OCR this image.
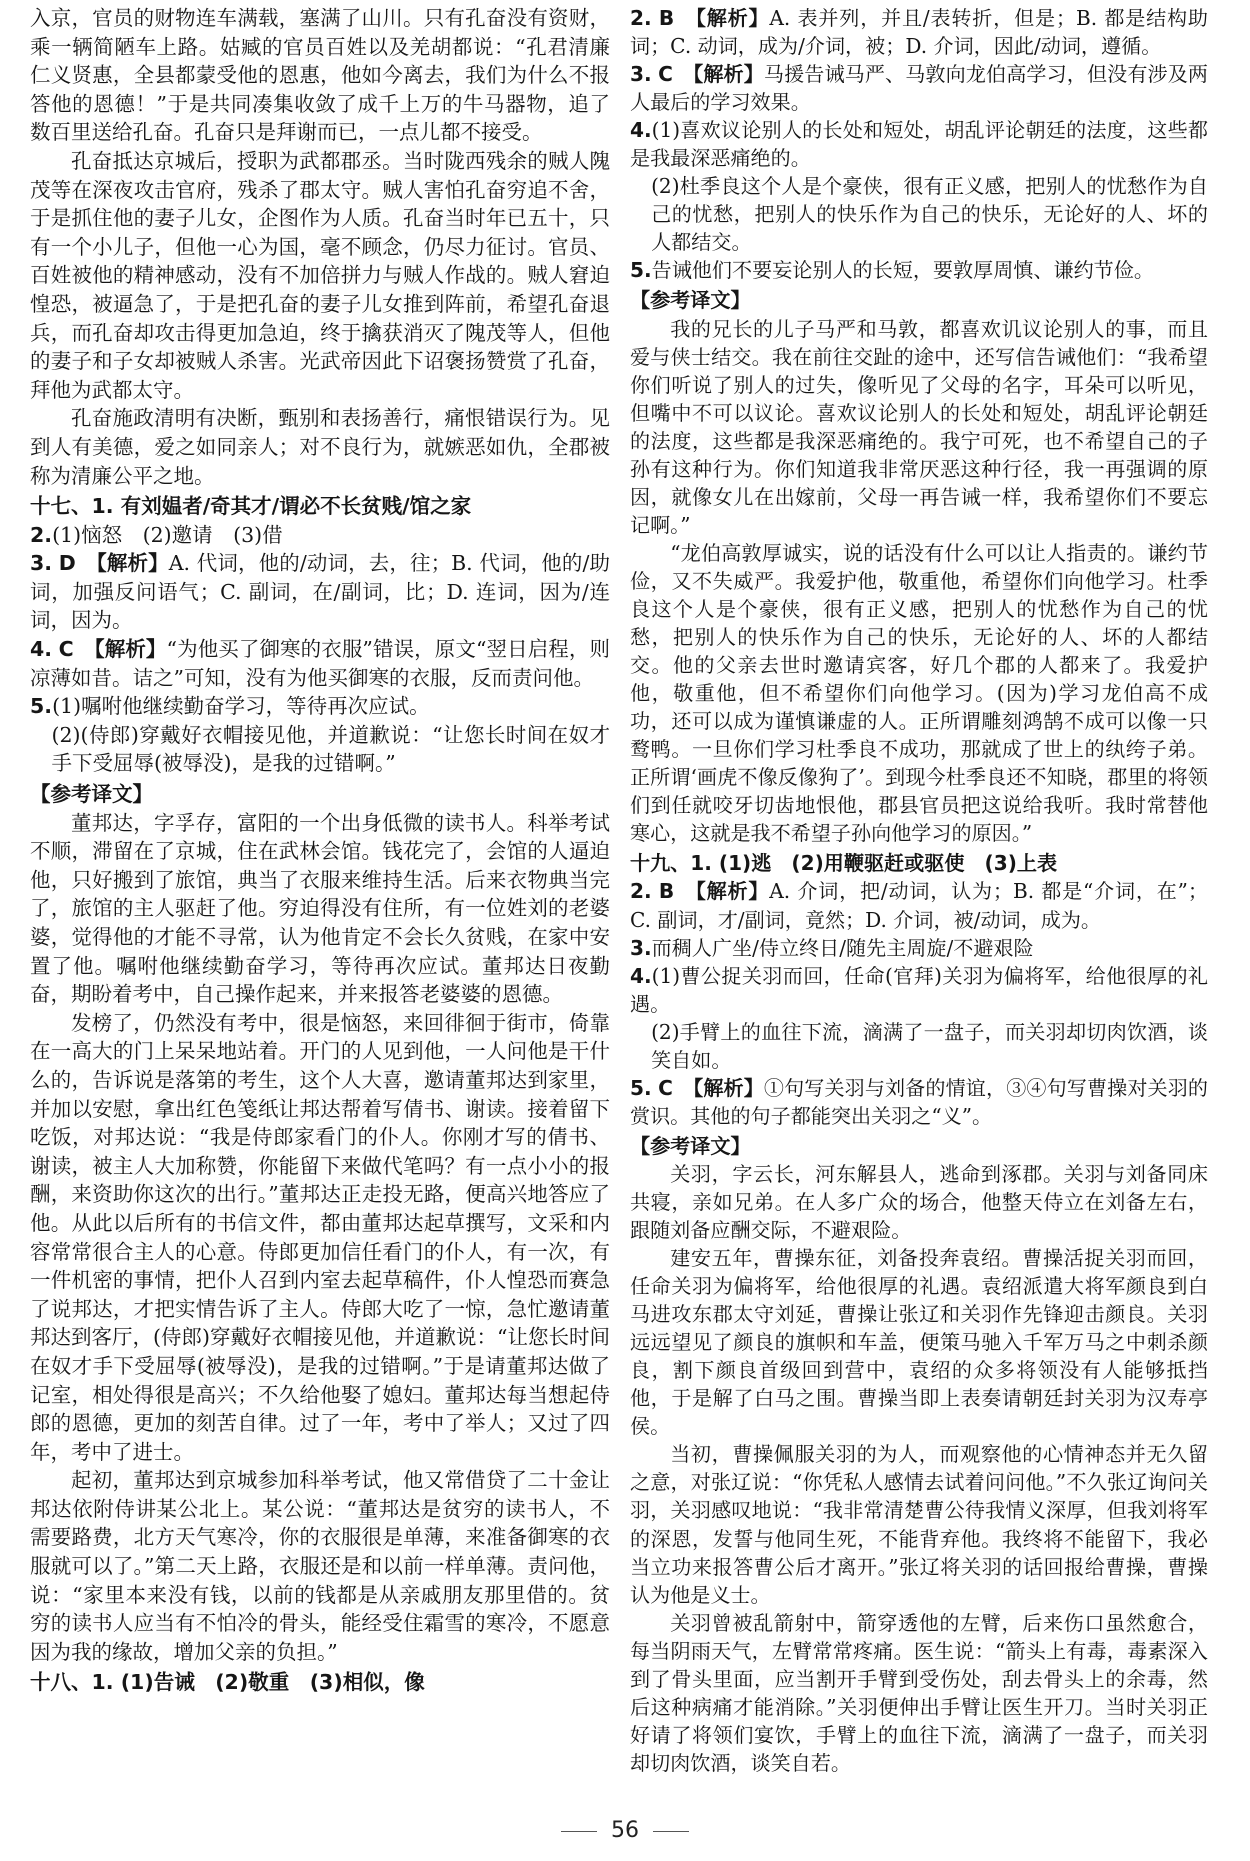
入京，官员的财物连车满载，塞满了山川。只有孔奋没有资财，乘一辆简陋车上路。姑臧的官员百姓以及羌胡都说：“孔君清廉仁义贤惠，全县都蒙受他的恩惠，他如今离去，我们为什么不报答他的恩德！”于是共同凑集收敛了成千上万的牛马器物，追了数百里送给孔奋。孔奋只是拜谢而已，一点儿都不接受。

孔奋抵达京城后，授职为武都郡丞。当时陇西残余的贼人隗茂等在深夜攻击官府，残杀了郡太守。贼人害怕孔奋穷追不舍，于是抓住他的妻子儿女，企图作为人质。孔奋当时年已五十，只有一个小儿子，但他一心为国，毫不顾念，仍尽力征讨。官员、百姓被他的精神感动，没有不加倍拼力与贼人作战的。贼人窘迫惶恐，被逼急了，于是把孔奋的妻子儿女推到阵前，希望孔奋退兵，而孔奋却攻击得更加急迫，终于擒获消灭了隗茂等人，但他的妻子和子女却被贼人杀害。光武帝因此下诏褒扬赞赏了孔奋，拜他为武都太守。

孔奋施政清明有决断，甄别和表扬善行，痛恨错误行为。见到人有美德，爱之如同亲人；对不良行为，就嫉恶如仇，全郡被称为清廉公平之地。

十七、1. 有刘媪者/奇其才/谓必不长贫贱/馆之家

2.(1)恼怒　(2)邀请　(3)借

3. D　 【解析】A. 代词，他的/动词，去，往；B. 代词，他的/助词，加强反问语气；C. 副词，在/副词，比；D. 连词，因为/连词，因为。

4. C　 【解析】“为他买了御寒的衣服”错误，原文“翌日启程，则凉薄如昔。诘之”可知，没有为他买御寒的衣服，反而责问他。

5.(1)嘱咐他继续勤奋学习，等待再次应试。

(2)(侍郎)穿戴好衣帽接见他，并道歉说：“让您长时间在奴才手下受屈辱(被辱没)，是我的过错啊。”

【参考译文】

董邦达，字孚存，富阳的一个出身低微的读书人。科举考试不顺，滞留在了京城，住在武林会馆。钱花完了，会馆的人逼迫他，只好搬到了旅馆，典当了衣服来维持生活。后来衣物典当完了，旅馆的主人驱赶了他。穷迫得没有住所，有一位姓刘的老婆婆，觉得他的才能不寻常，认为他肯定不会长久贫贱，在家中安置了他。嘱咐他继续勤奋学习，等待再次应试。董邦达日夜勤奋，期盼着考中，自己操作起来，并来报答老婆婆的恩德。

发榜了，仍然没有考中，很是恼怒，来回徘徊于街市，倚靠在一高大的门上呆呆地站着。开门的人见到他，一人问他是干什么的，告诉说是落第的考生，这个人大喜，邀请董邦达到家里，并加以安慰，拿出红色笺纸让邦达帮着写倩书、谢读。接着留下吃饭，对邦达说：“我是侍郎家看门的仆人。你刚才写的倩书、谢读，被主人大加称赞，你能留下来做代笔吗？有一点小小的报酬，来资助你这次的出行。”董邦达正走投无路，便高兴地答应了他。从此以后所有的书信文件，都由董邦达起草撰写，文采和内容常常很合主人的心意。侍郎更加信任看门的仆人，有一次，有一件机密的事情，把仆人召到内室去起草稿件，仆人惶恐而赛急了说邦达，才把实情告诉了主人。侍郎大吃了一惊，急忙邀请董邦达到客厅，(侍郎)穿戴好衣帽接见他，并道歉说：“让您长时间在奴才手下受屈辱(被辱没)，是我的过错啊。”于是请董邦达做了记室，相处得很是高兴；不久给他娶了媳妇。董邦达每当想起侍郎的恩德，更加的刻苦自律。过了一年，考中了举人；又过了四年，考中了进士。

起初，董邦达到京城参加科举考试，他又常借贷了二十金让邦达依附侍讲某公北上。某公说：“董邦达是贫穷的读书人，不需要路费，北方天气寒冷，你的衣服很是单薄，来准备御寒的衣服就可以了。”第二天上路，衣服还是和以前一样单薄。责问他，说：“家里本来没有钱，以前的钱都是从亲戚朋友那里借的。贫穷的读书人应当有不怕冷的骨头，能经受住霜雪的寒冷，不愿意因为我的缘故，增加父亲的负担。”

十八、1. (1)告诫　(2)敬重　(3)相似，像

2. B　 【解析】A. 表并列，并且/表转折，但是；B. 都是结构助词；C. 动词，成为/介词，被；D. 介词，因此/动词，遵循。

3. C　 【解析】马援告诫马严、马敦向龙伯高学习，但没有涉及两人最后的学习效果。

4.(1)喜欢议论别人的长处和短处，胡乱评论朝廷的法度，这些都是我最深恶痛绝的。

(2)杜季良这个人是个豪侠，很有正义感，把别人的忧愁作为自己的忧愁，把别人的快乐作为自己的快乐，无论好的人、坏的人都结交。

5.告诫他们不要妄论别人的长短，要敦厚周慎、谦约节俭。

【参考译文】

我的兄长的儿子马严和马敦，都喜欢讥议论别人的事，而且爱与侠士结交。我在前往交趾的途中，还写信告诫他们：“我希望你们听说了别人的过失，像听见了父母的名字，耳朵可以听见，但嘴中不可以议论。喜欢议论别人的长处和短处，胡乱评论朝廷的法度，这些都是我深恶痛绝的。我宁可死，也不希望自己的子孙有这种行为。你们知道我非常厌恶这种行径，我一再强调的原因，就像女儿在出嫁前，父母一再告诫一样，我希望你们不要忘记啊。”

“龙伯高敦厚诚实，说的话没有什么可以让人指责的。谦约节俭，又不失威严。我爱护他，敬重他，希望你们向他学习。杜季良这个人是个豪侠，很有正义感，把别人的忧愁作为自己的忧愁，把别人的快乐作为自己的快乐，无论好的人、坏的人都结交。他的父亲去世时邀请宾客，好几个郡的人都来了。我爱护他，敬重他，但不希望你们向他学习。(因为)学习龙伯高不成功，还可以成为谨慎谦虚的人。正所谓雕刻鸿鹄不成可以像一只鹜鸭。一旦你们学习杜季良不成功，那就成了世上的纨绔子弟。正所谓‘画虎不像反像狗了’。到现今杜季良还不知晓，郡里的将领们到任就咬牙切齿地恨他，郡县官员把这说给我听。我时常替他寒心，这就是我不希望子孙向他学习的原因。”

十九、1. (1)逃　(2)用鞭驱赶或驱使　(3)上表

2. B　 【解析】A. 介词，把/动词，认为；B. 都是“介词，在”；C. 副词，才/副词，竟然；D. 介词，被/动词，成为。

3.而稠人广坐/侍立终日/随先主周旋/不避艰险

4.(1)曹公捉关羽而回，任命(官拜)关羽为偏将军，给他很厚的礼遇。

(2)手臂上的血往下流，滴满了一盘子，而关羽却切肉饮酒，谈笑自如。

5. C　 【解析】①句写关羽与刘备的情谊，③④句写曹操对关羽的赏识。其他的句子都能突出关羽之“义”。

【参考译文】

关羽，字云长，河东解县人，逃命到涿郡。关羽与刘备同床共寝，亲如兄弟。在人多广众的场合，他整天侍立在刘备左右，跟随刘备应酬交际，不避艰险。

建安五年，曹操东征，刘备投奔袁绍。曹操活捉关羽而回，任命关羽为偏将军，给他很厚的礼遇。袁绍派遣大将军颜良到白马进攻东郡太守刘延，曹操让张辽和关羽作先锋迎击颜良。关羽远远望见了颜良的旗帜和车盖，便策马驰入千军万马之中刺杀颜良，割下颜良首级回到营中，袁绍的众多将领没有人能够抵挡他，于是解了白马之围。曹操当即上表奏请朝廷封关羽为汉寿亭侯。

当初，曹操佩服关羽的为人，而观察他的心情神态并无久留之意，对张辽说：“你凭私人感情去试着问问他。”不久张辽询问关羽，关羽感叹地说：“我非常清楚曹公待我情义深厚，但我刘将军的深恩，发誓与他同生死，不能背弃他。我终将不能留下，我必当立功来报答曹公后才离开。”张辽将关羽的话回报给曹操，曹操认为他是义士。

关羽曾被乱箭射中，箭穿透他的左臂，后来伤口虽然愈合，每当阴雨天气，左臂常常疼痛。医生说：“箭头上有毒，毒素深入到了骨头里面，应当割开手臂到受伤处，刮去骨头上的余毒，然后这种病痛才能消除。”关羽便伸出手臂让医生开刀。当时关羽正好请了将领们宴饮，手臂上的血往下流，滴满了一盘子，而关羽却切肉饮酒，谈笑自若。

56
